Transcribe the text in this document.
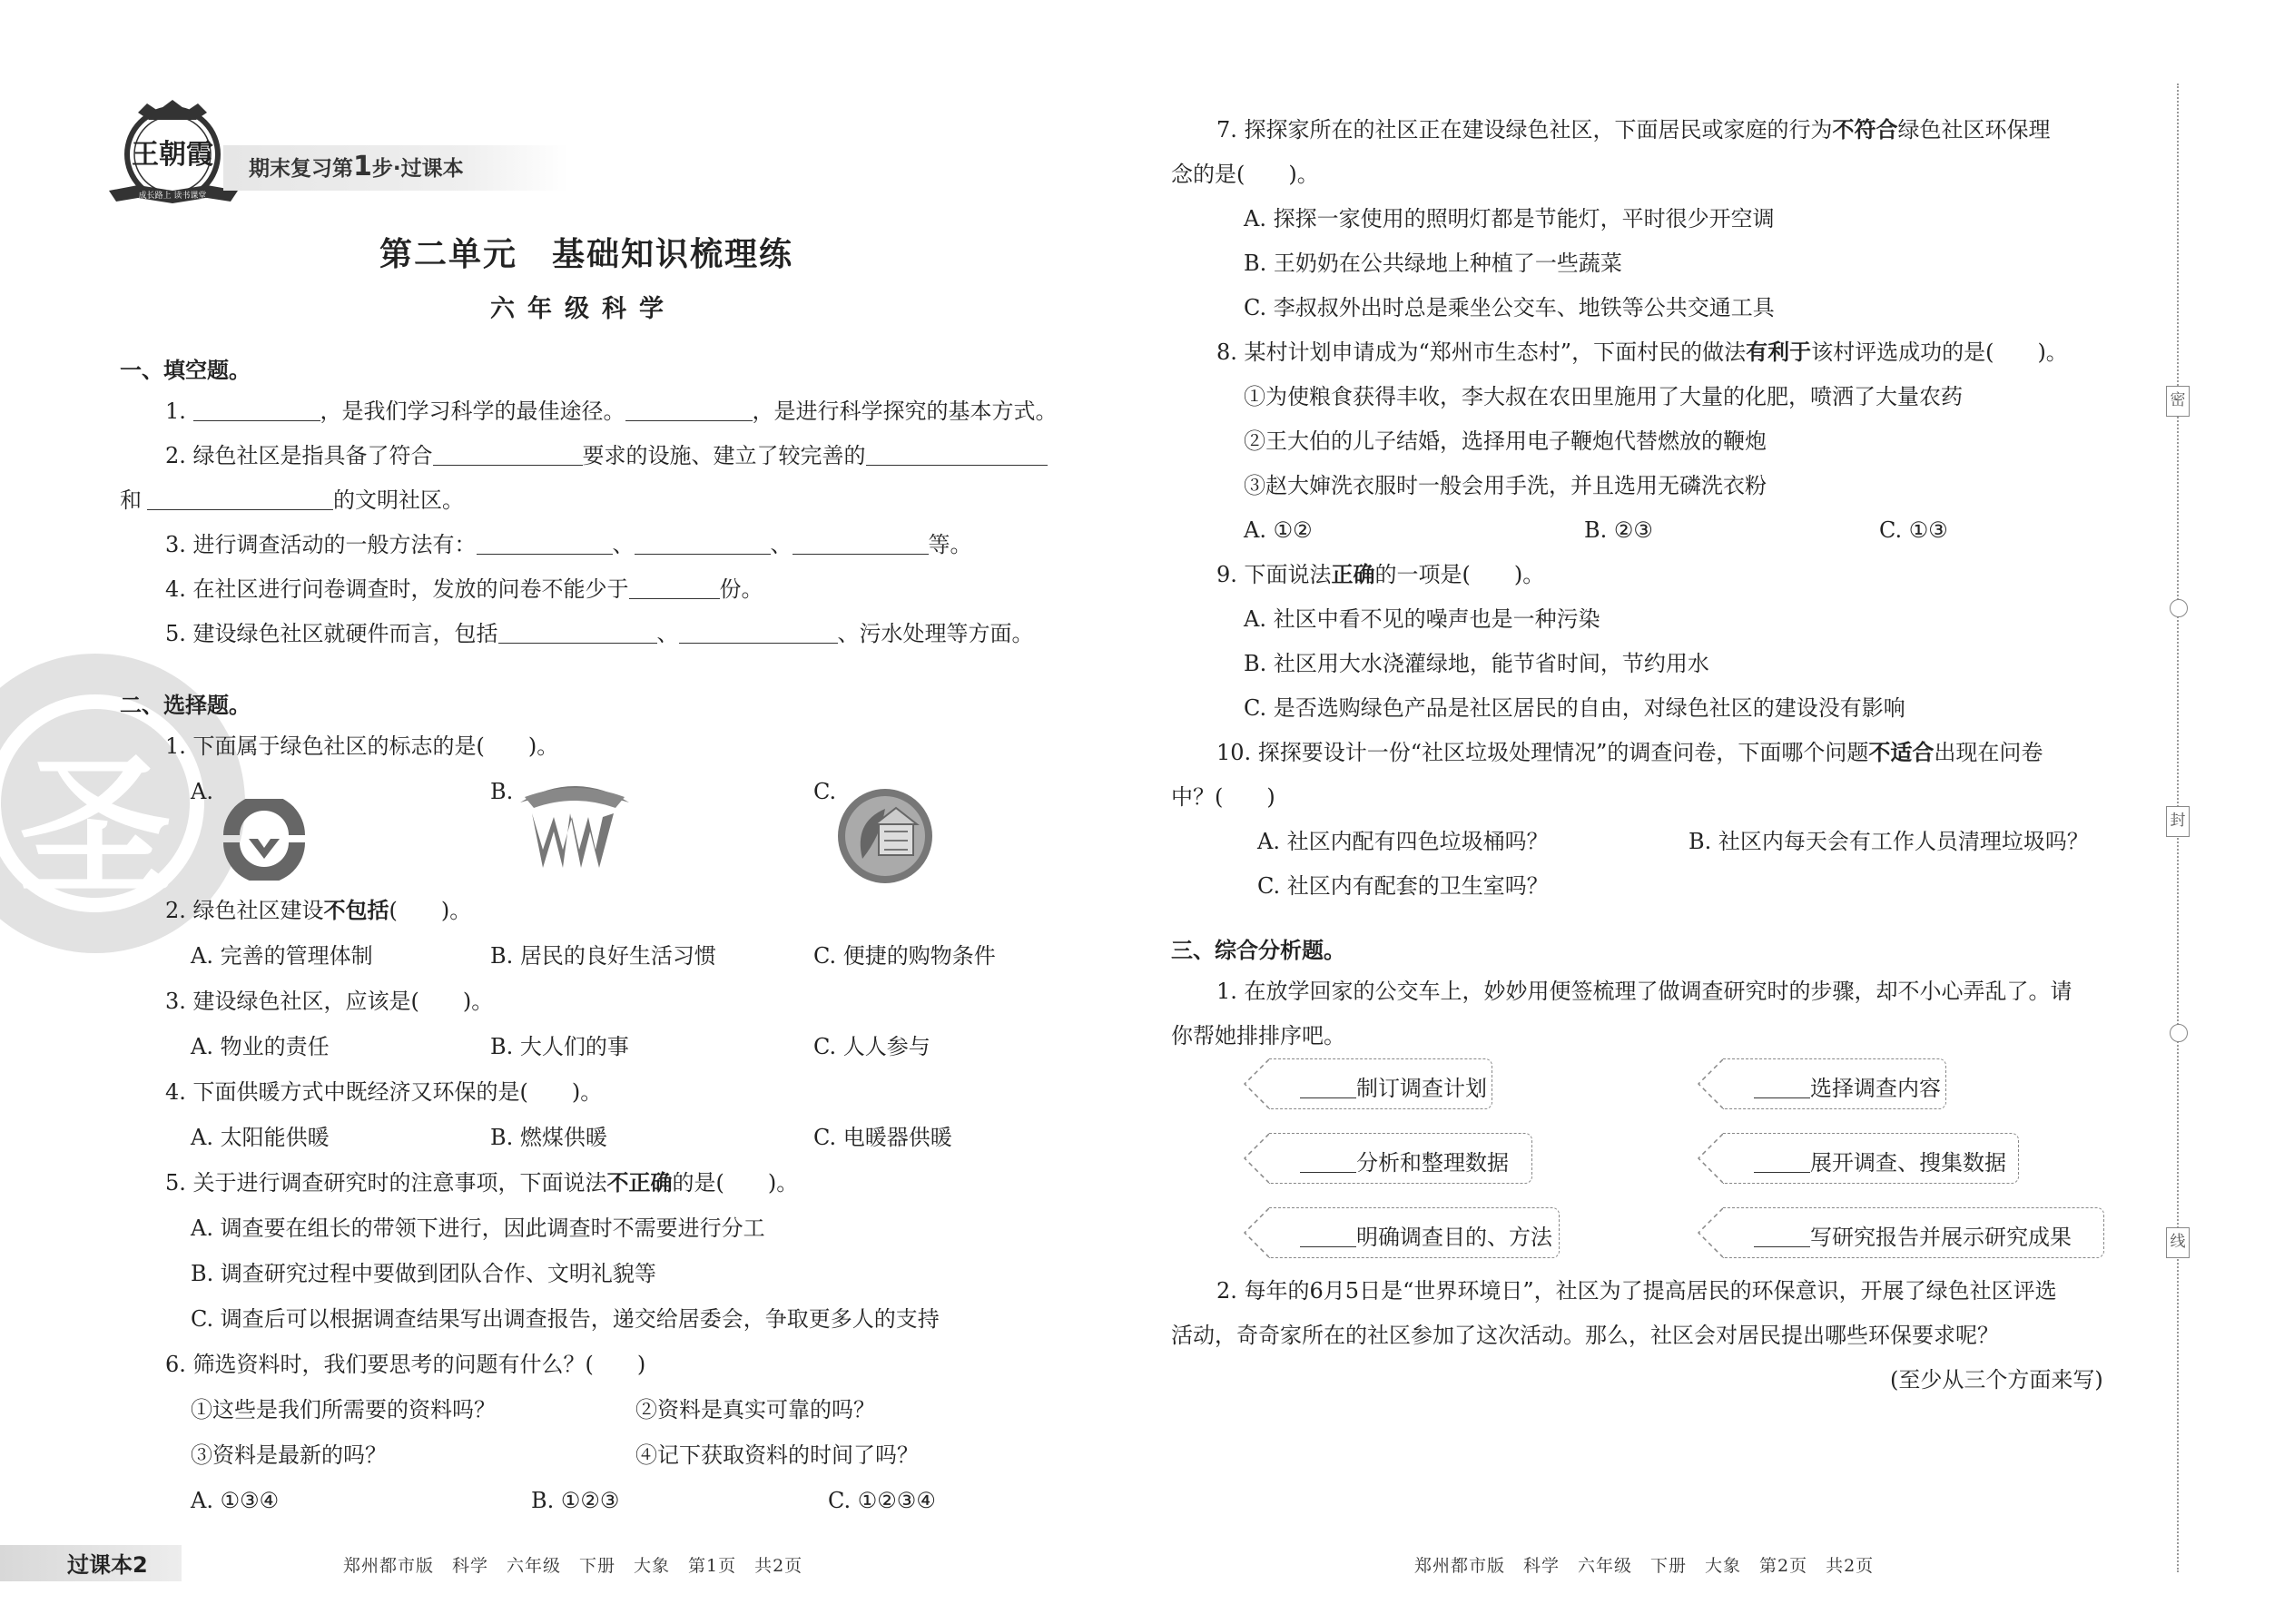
圣
王朝霞
成长路上 读书课堂
期末复习第1步·过课本
第二单元　 基础知识梳理练
六年级科学
一、填空题。
1.	，是我们学习科学的最佳途径。	，是进行科学探究的基本方式。
2. 绿色社区是指具备了符合	要求的设施、建立了较完善的
和	的文明社区。
3. 进行调查活动的一般方法有：	、	、	等。
4. 在社区进行问卷调查时，发放的问卷不能少于	份。
5. 建设绿色社区就硬件而言，包括	、	、污水处理等方面。
二、选择题。
1. 下面属于绿色社区的标志的是(　　)。
A.	B.	C.
2. 绿色社区建设不包括(　　)。
A. 完善的管理体制	B. 居民的良好生活习惯	C. 便捷的购物条件
3. 建设绿色社区，应该是(　　)。
A. 物业的责任	B. 大人们的事	C. 人人参与
4. 下面供暖方式中既经济又环保的是(　　)。
A. 太阳能供暖	B. 燃煤供暖	C. 电暖器供暖
5. 关于进行调查研究时的注意事项，下面说法不正确的是(　　)。
A. 调查要在组长的带领下进行，因此调查时不需要进行分工
B. 调查研究过程中要做到团队合作、文明礼貌等
C. 调查后可以根据调查结果写出调查报告，递交给居委会，争取更多人的支持
6. 筛选资料时，我们要思考的问题有什么？(　　)
①这些是我们所需要的资料吗？	②资料是真实可靠的吗？
③资料是最新的吗？	④记下获取资料的时间了吗？
A. ①③④	B. ①②③	C. ①②③④
7. 探探家所在的社区正在建设绿色社区，下面居民或家庭的行为不符合绿色社区环保理
念的是(　　)。
A. 探探一家使用的照明灯都是节能灯，平时很少开空调
B. 王奶奶在公共绿地上种植了一些蔬菜
C. 李叔叔外出时总是乘坐公交车、地铁等公共交通工具
8. 某村计划申请成为“郑州市生态村”，下面村民的做法有利于该村评选成功的是(　　)。
①为使粮食获得丰收，李大叔在农田里施用了大量的化肥，喷洒了大量农药
②王大伯的儿子结婚，选择用电子鞭炮代替燃放的鞭炮
③赵大婶洗衣服时一般会用手洗，并且选用无磷洗衣粉
A. ①②	B. ②③	C. ①③
9. 下面说法正确的一项是(　　)。
A. 社区中看不见的噪声也是一种污染
B. 社区用大水浇灌绿地，能节省时间，节约用水
C. 是否选购绿色产品是社区居民的自由，对绿色社区的建设没有影响
10. 探探要设计一份“社区垃圾处理情况”的调查问卷，下面哪个问题不适合出现在问卷
中？(　　)
A. 社区内配有四色垃圾桶吗？	B. 社区内每天会有工作人员清理垃圾吗？
C. 社区内有配套的卫生室吗？
三、综合分析题。
1. 在放学回家的公交车上，妙妙用便签梳理了做调查研究时的步骤，却不小心弄乱了。请
你帮她排排序吧。
制订调查计划	选择调查内容
分析和整理数据	展开调查、搜集数据
明确调查目的、方法	写研究报告并展示研究成果
2. 每年的6月5日是“世界环境日”，社区为了提高居民的环保意识，开展了绿色社区评选
活动，奇奇家所在的社区参加了这次活动。那么，社区会对居民提出哪些环保要求呢？
(至少从三个方面来写)
密
封
线
过课本2	郑州都市版　科学　六年级　下册　大象　第1页　共2页	郑州都市版　科学　六年级　下册　大象　第2页　共2页
